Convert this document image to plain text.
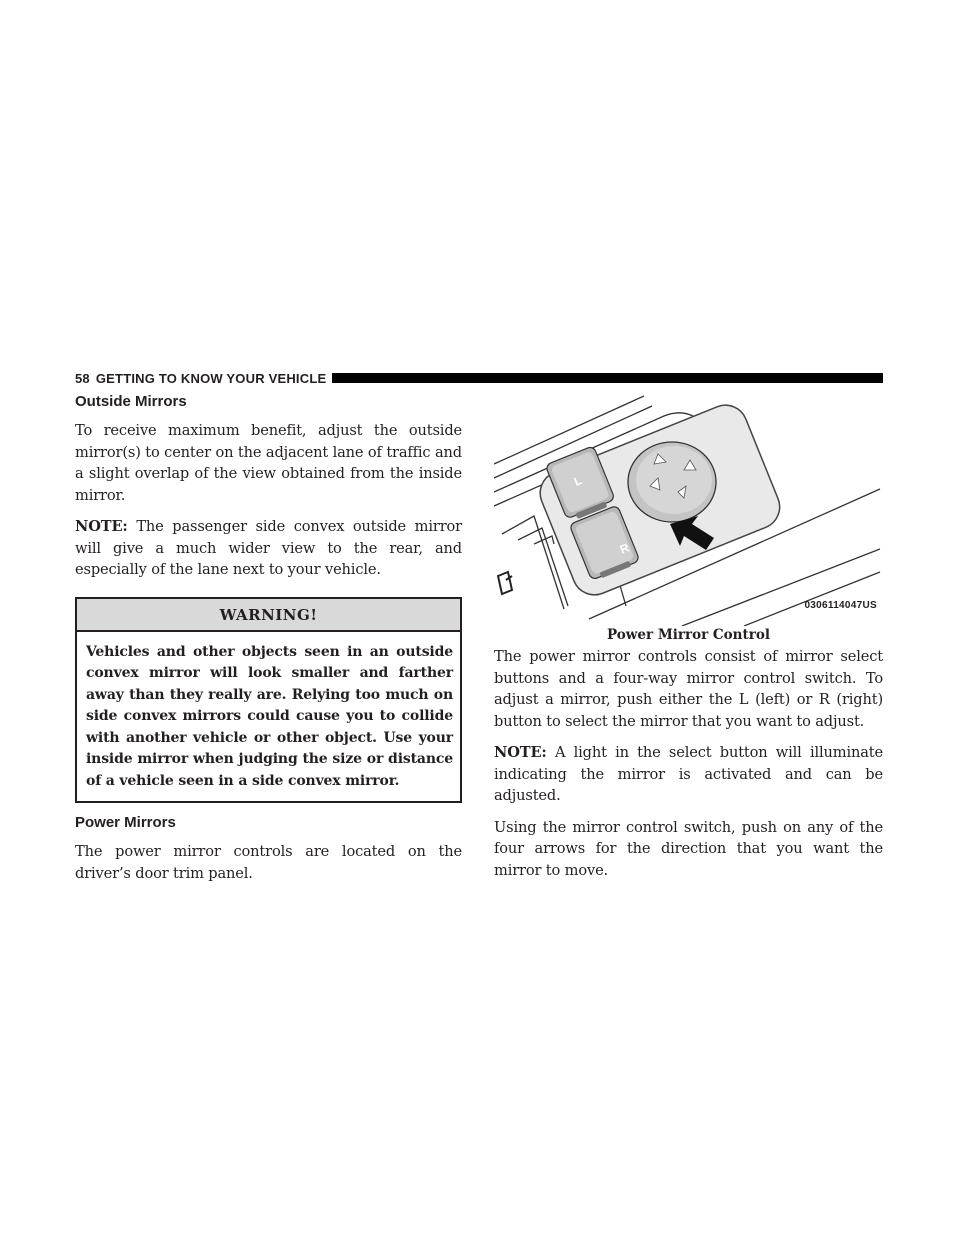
58 GETTING TO KNOW YOUR VEHICLE
Outside Mirrors

To receive maximum benefit, adjust the outside mirror(s) to center on the adjacent lane of traffic and a slight overlap of the view obtained from the inside mirror.

NOTE: The passenger side convex outside mirror will give a much wider view to the rear, and especially of the lane next to your vehicle.

WARNING!
Vehicles and other objects seen in an outside convex mirror will look smaller and farther away than they really are. Relying too much on side convex mirrors could cause you to collide with another vehicle or other object. Use your inside mirror when judging the size or distance of a vehicle seen in a side convex mirror.
Power Mirrors

The power mirror controls are located on the driver’s door trim panel.

L
R
0306114047US
Power Mirror Control

The power mirror controls consist of mirror select buttons and a four-way mirror control switch. To adjust a mirror, push either the L (left) or R (right) button to select the mirror that you want to adjust.

NOTE: A light in the select button will illuminate indicating the mirror is activated and can be adjusted.

Using the mirror control switch, push on any of the four arrows for the direction that you want the mirror to move.
